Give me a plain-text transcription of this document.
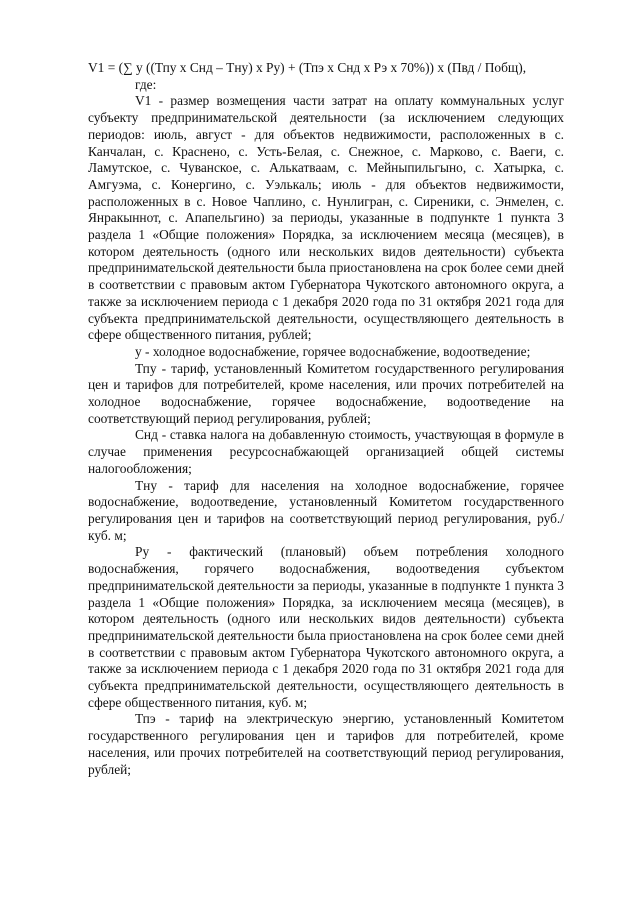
V1 = (∑ у ((Тпу х Снд – Тну) х Ру) + (Тпэ х Снд х Рэ х 70%)) х (Пвд / Побщ),

где:

V1 - размер возмещения части затрат на оплату коммунальных услуг субъекту предпринимательской деятельности (за исключением следующих периодов: июль, август - для объектов недвижимости, расположенных в с. Канчалан, с. Краснено, с. Усть-Белая, с. Снежное, с. Марково, с. Ваеги, с. Ламутское, с. Чуванское, с. Алькатваам, с. Мейныпильгыно, с. Хатырка, с. Амгуэма, с. Конергино, с. Уэлькаль; июль - для объектов недвижимости, расположенных в с. Новое Чаплино, с. Нунлигран, с. Сиреники, с. Энмелен, с. Янракыннот, с. Апапельгино) за периоды, указанные в подпункте 1 пункта 3 раздела 1 «Общие положения» Порядка, за исключением месяца (месяцев), в котором деятельность (одного или нескольких видов деятельности) субъекта предпринимательской деятельности была приостановлена на срок более семи дней в соответствии с правовым актом Губернатора Чукотского автономного округа, а также за исключением периода с 1 декабря 2020 года по 31 октября 2021 года для субъекта предпринимательской деятельности, осуществляющего деятельность в сфере общественного питания, рублей;

у - холодное водоснабжение, горячее водоснабжение, водоотведение;

Тпу - тариф, установленный Комитетом государственного регулирования цен и тарифов для потребителей, кроме населения, или прочих потребителей на холодное водоснабжение, горячее водоснабжение, водоотведение на соответствующий период регулирования, рублей;

Снд - ставка налога на добавленную стоимость, участвующая в формуле в случае применения ресурсоснабжающей организацией общей системы налогообложения;

Тну - тариф для населения на холодное водоснабжение, горячее водоснабжение, водоотведение, установленный Комитетом государственного регулирования цен и тарифов на соответствующий период регулирования, руб./куб. м;

Ру - фактический (плановый) объем потребления холодного водоснабжения, горячего водоснабжения, водоотведения субъектом предпринимательской деятельности за периоды, указанные в подпункте 1 пункта 3 раздела 1 «Общие положения» Порядка, за исключением месяца (месяцев), в котором деятельность (одного или нескольких видов деятельности) субъекта предпринимательской деятельности была приостановлена на срок более семи дней в соответствии с правовым актом Губернатора Чукотского автономного округа, а также за исключением периода с 1 декабря 2020 года по 31 октября 2021 года для субъекта предпринимательской деятельности, осуществляющего деятельность в сфере общественного питания, куб. м;

Тпэ - тариф на электрическую энергию, установленный Комитетом государственного регулирования цен и тарифов для потребителей, кроме населения, или прочих потребителей на соответствующий период регулирования, рублей;
